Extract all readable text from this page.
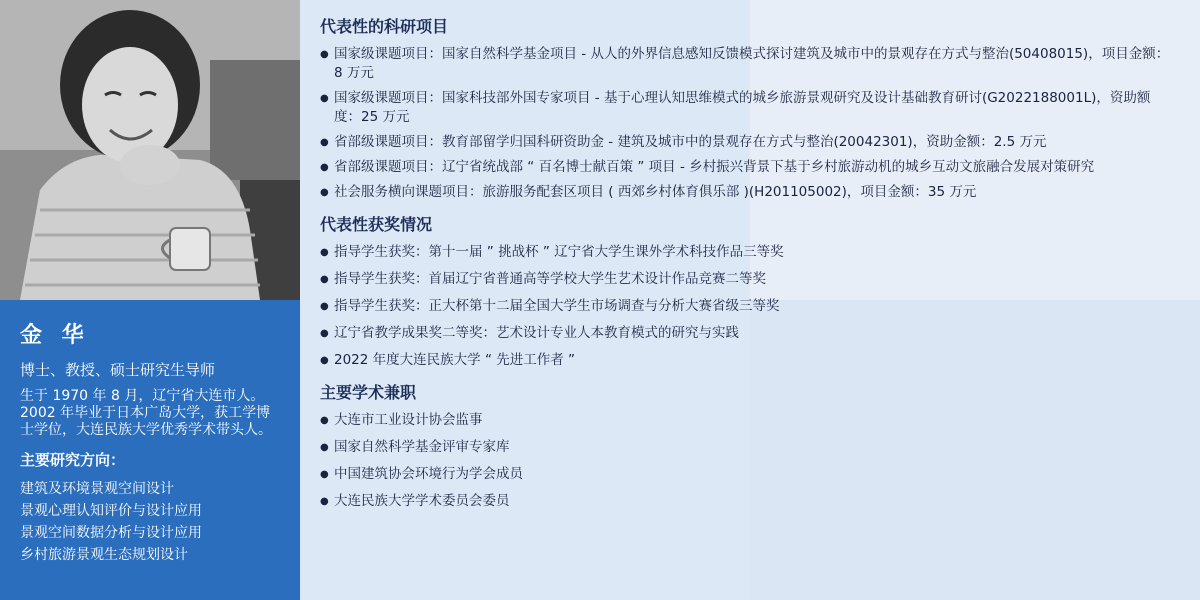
金 华
博士、教授、硕士研究生导师
生于 1970 年 8 月，辽宁省大连市人。2002 年毕业于日本广岛大学，获工学博士学位，大连民族大学优秀学术带头人。
主要研究方向：
建筑及环境景观空间设计
景观心理认知评价与设计应用
景观空间数据分析与设计应用
乡村旅游景观生态规划设计
代表性的科研项目
● 国家级课题项目：国家自然科学基金项目 - 从人的外界信息感知反馈模式探讨建筑及城市中的景观存在方式与整治(50408015)，项目金额：8 万元
● 国家级课题项目：国家科技部外国专家项目 - 基于心理认知思维模式的城乡旅游景观研究及设计基础教育研讨(G2022188001L)，资助额度：25 万元
● 省部级课题项目：教育部留学归国科研资助金 - 建筑及城市中的景观存在方式与整治(20042301)，资助金额：2.5 万元
● 省部级课题项目：辽宁省统战部 “ 百名博士献百策 ” 项目 - 乡村振兴背景下基于乡村旅游动机的城乡互动文旅融合发展对策研究
● 社会服务横向课题项目：旅游服务配套区项目 ( 西郊乡村体育俱乐部 )(H201105002)，项目金额：35 万元
代表性获奖情况
● 指导学生获奖：第十一届 ” 挑战杯 ” 辽宁省大学生课外学术科技作品三等奖
● 指导学生获奖：首届辽宁省普通高等学校大学生艺术设计作品竞赛二等奖
● 指导学生获奖：正大杯第十二届全国大学生市场调查与分析大赛省级三等奖
● 辽宁省教学成果奖二等奖：艺术设计专业人本教育模式的研究与实践
● 2022 年度大连民族大学 “ 先进工作者 ”
主要学术兼职
● 大连市工业设计协会监事
● 国家自然科学基金评审专家库
● 中国建筑协会环境行为学会成员
● 大连民族大学学术委员会委员
